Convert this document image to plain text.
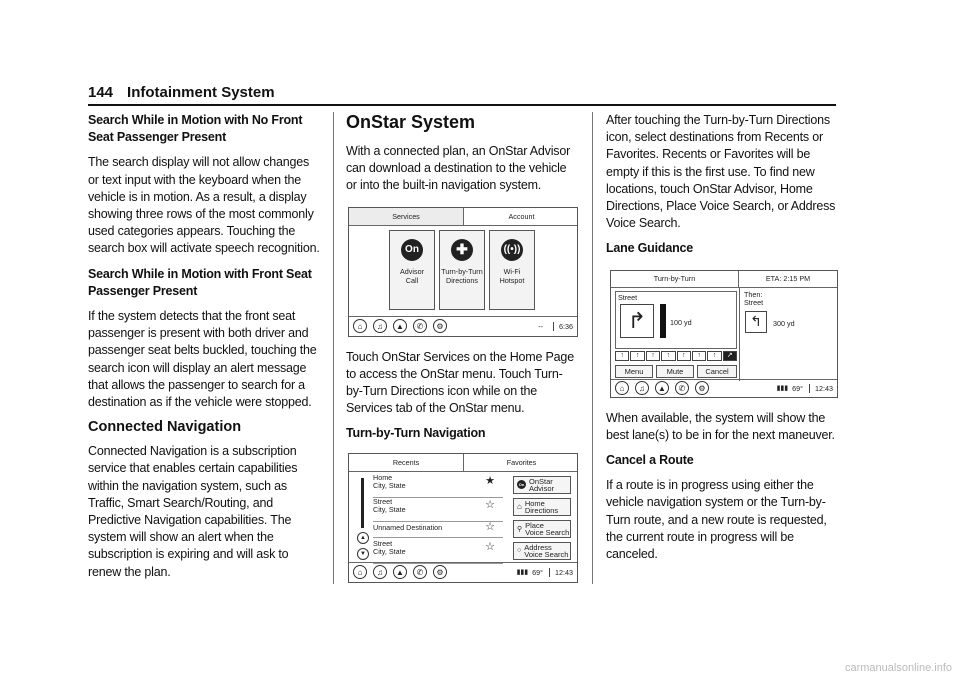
144 Infotainment System

Search While in Motion with No Front Seat Passenger Present

The search display will not allow changes or text input with the keyboard when the vehicle is in motion. As a result, a display showing three rows of the most commonly used categories appears. Touching the search box will activate speech recognition.

Search While in Motion with Front Seat Passenger Present

If the system detects that the front seat passenger is present with both driver and passenger seat belts buckled, touching the search icon will display an alert message that allows the passenger to search for a destination as if the vehicle were stopped.

Connected Navigation

Connected Navigation is a subscription service that enables certain capabilities within the navigation system, such as Traffic, Smart Search/Routing, and Predictive Navigation capabilities. The system will show an alert when the subscription is expiring and will ask to renew the plan.

OnStar System

With a connected plan, an OnStar Advisor can download a destination to the vehicle or into the built-in navigation system.

Services	Account
On
Advisor
Call
✚
Turn-by-Turn
Directions
((•))
Wi-Fi
Hotspot
⌂	♫	▲	✆	⚙	--	6:36

Touch OnStar Services on the Home Page to access the OnStar menu. Touch Turn-by-Turn Directions icon while on the Services tab of the OnStar menu.

Turn-by-Turn Navigation

Recents	Favorites
▲
▼
Home
City, State	★
Street
City, State	☆
Unnamed Destination	☆
Street
City, State	☆
On OnStar
Advisor
⌂ Home
Directions
⚲ Place
Voice Search
○ Address
Voice Search
⌂	♫	▲	✆	⚙	▮▮▮ 69°	12:43

After touching the Turn-by-Turn Directions icon, select destinations from Recents or Favorites. Recents or Favorites will be empty if this is the first use. To find new locations, touch OnStar Advisor, Home Directions, Place Voice Search, or Address Voice Search.

Lane Guidance

Turn-by-Turn	ETA: 2:15 PM
Street
↱	100 yd
↑	↑	↑	↑	↑	↑	↑	↗
Menu	Mute	Cancel
Then:
Street
↰	300 yd
⌂	♫	▲	✆	⚙	▮▮▮ 69°	12:43

When available, the system will show the best lane(s) to be in for the next maneuver.

Cancel a Route

If a route is in progress using either the vehicle navigation system or the Turn-by-Turn route, and a new route is requested, the current route in progress will be canceled.

carmanualsonline.info
